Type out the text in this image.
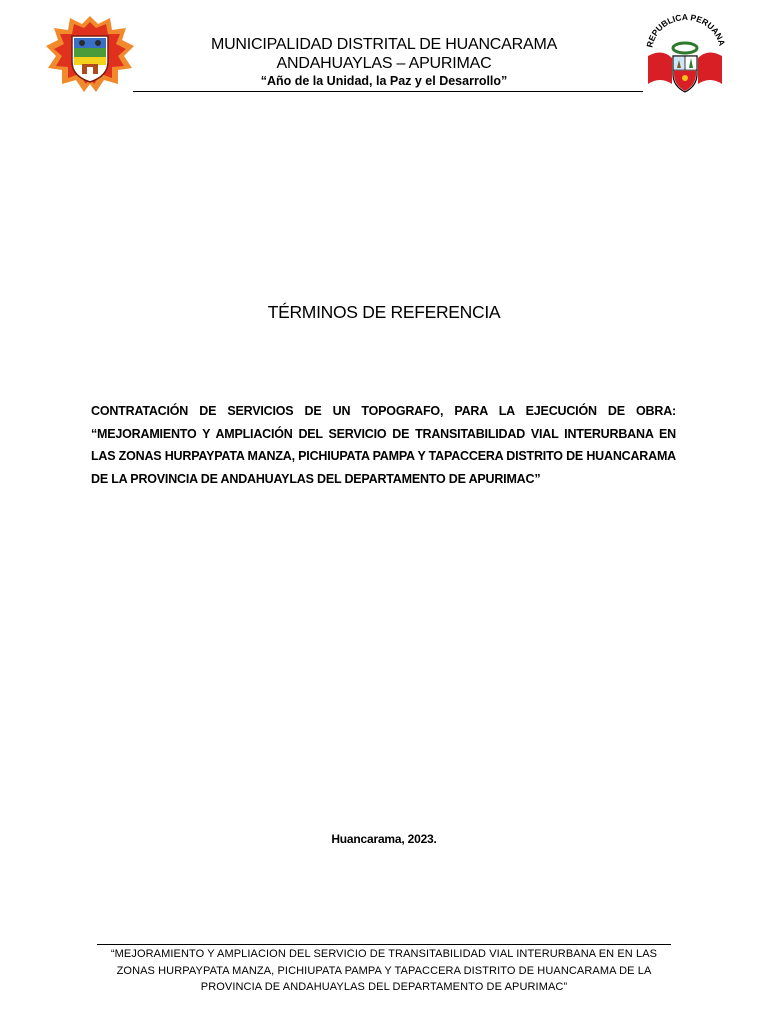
REPUBLICA PERUANA
MUNICIPALIDAD DISTRITAL DE HUANCARAMA
ANDAHUAYLAS – APURIMAC
“Año de la Unidad, la Paz y el Desarrollo”
TÉRMINOS DE REFERENCIA
CONTRATACIÓN DE SERVICIOS DE UN TOPOGRAFO, PARA LA EJECUCIÓN DE OBRA: “MEJORAMIENTO Y AMPLIACIÓN DEL SERVICIO DE TRANSITABILIDAD VIAL INTERURBANA EN LAS ZONAS HURPAYPATA MANZA, PICHIUPATA PAMPA Y TAPACCERA DISTRITO DE HUANCARAMA DE LA PROVINCIA DE ANDAHUAYLAS DEL DEPARTAMENTO DE APURIMAC”
Huancarama, 2023.
“MEJORAMIENTO Y AMPLIACION DEL SERVICIO DE TRANSITABILIDAD VIAL INTERURBANA EN EN LAS
ZONAS HURPAYPATA MANZA, PICHIUPATA PAMPA Y TAPACCERA DISTRITO DE HUANCARAMA DE LA
PROVINCIA DE ANDAHUAYLAS DEL DEPARTAMENTO DE APURIMAC”
